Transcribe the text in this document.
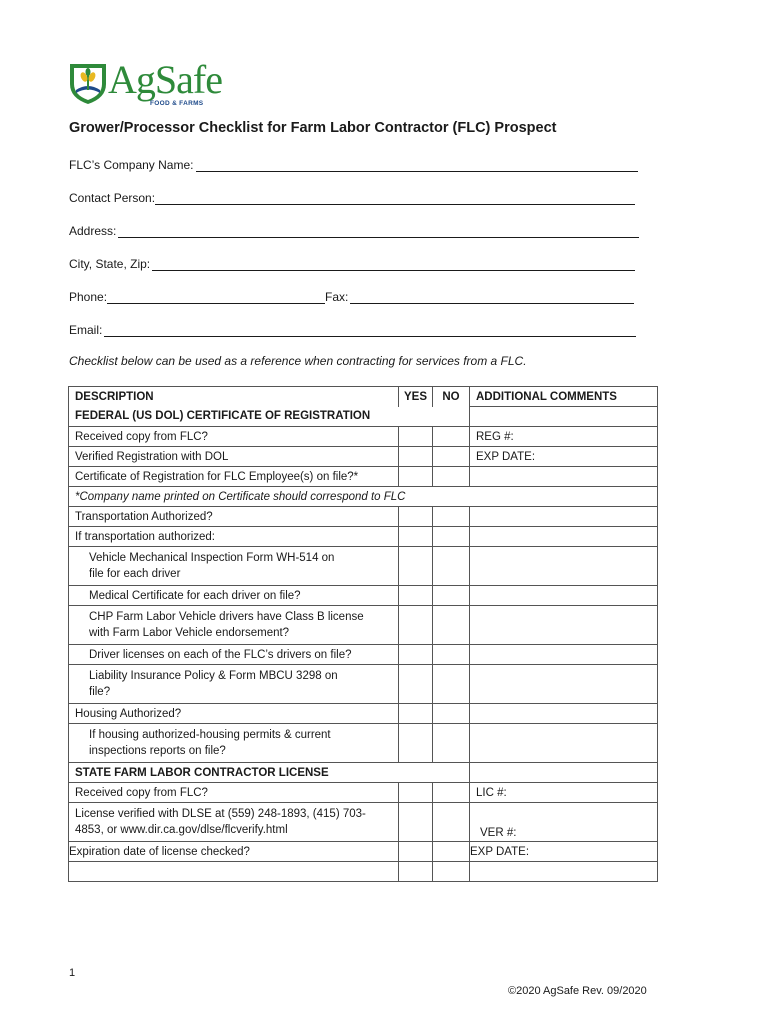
AgSafe
FOOD & FARMS
Grower/Processor Checklist for Farm Labor Contractor (FLC) Prospect
FLC’s Company Name:
Contact Person:
Address:
City, State, Zip:
Phone:	Fax:
Email:
Checklist below can be used as a reference when contracting for services from a FLC.
DESCRIPTION	YES	NO	ADDITIONAL COMMENTS
FEDERAL (US DOL) CERTIFICATE OF REGISTRATION			
Received copy from FLC?			REG #:
Verified Registration with DOL			EXP DATE:
Certificate of Registration for FLC Employee(s) on file?*			
*Company name printed on Certificate should correspond to FLC			
Transportation Authorized?			
If transportation authorized:			
Vehicle Mechanical Inspection Form WH-514 on
file for each driver			
Medical Certificate for each driver on file?			
CHP Farm Labor Vehicle drivers have Class B license
with Farm Labor Vehicle endorsement?			
Driver licenses on each of the FLC’s drivers on file?			
Liability Insurance Policy & Form MBCU 3298 on
file?			
Housing Authorized?			
If housing authorized-housing permits & current
inspections reports on file?			
STATE FARM LABOR CONTRACTOR LICENSE			
Received copy from FLC?			LIC #:
License verified with DLSE at (559) 248-1893, (415) 703-
4853, or www.dir.ca.gov/dlse/flcverify.html			VER #:
Expiration date of license checked?			EXP DATE:

1
©2020 AgSafe Rev. 09/2020
